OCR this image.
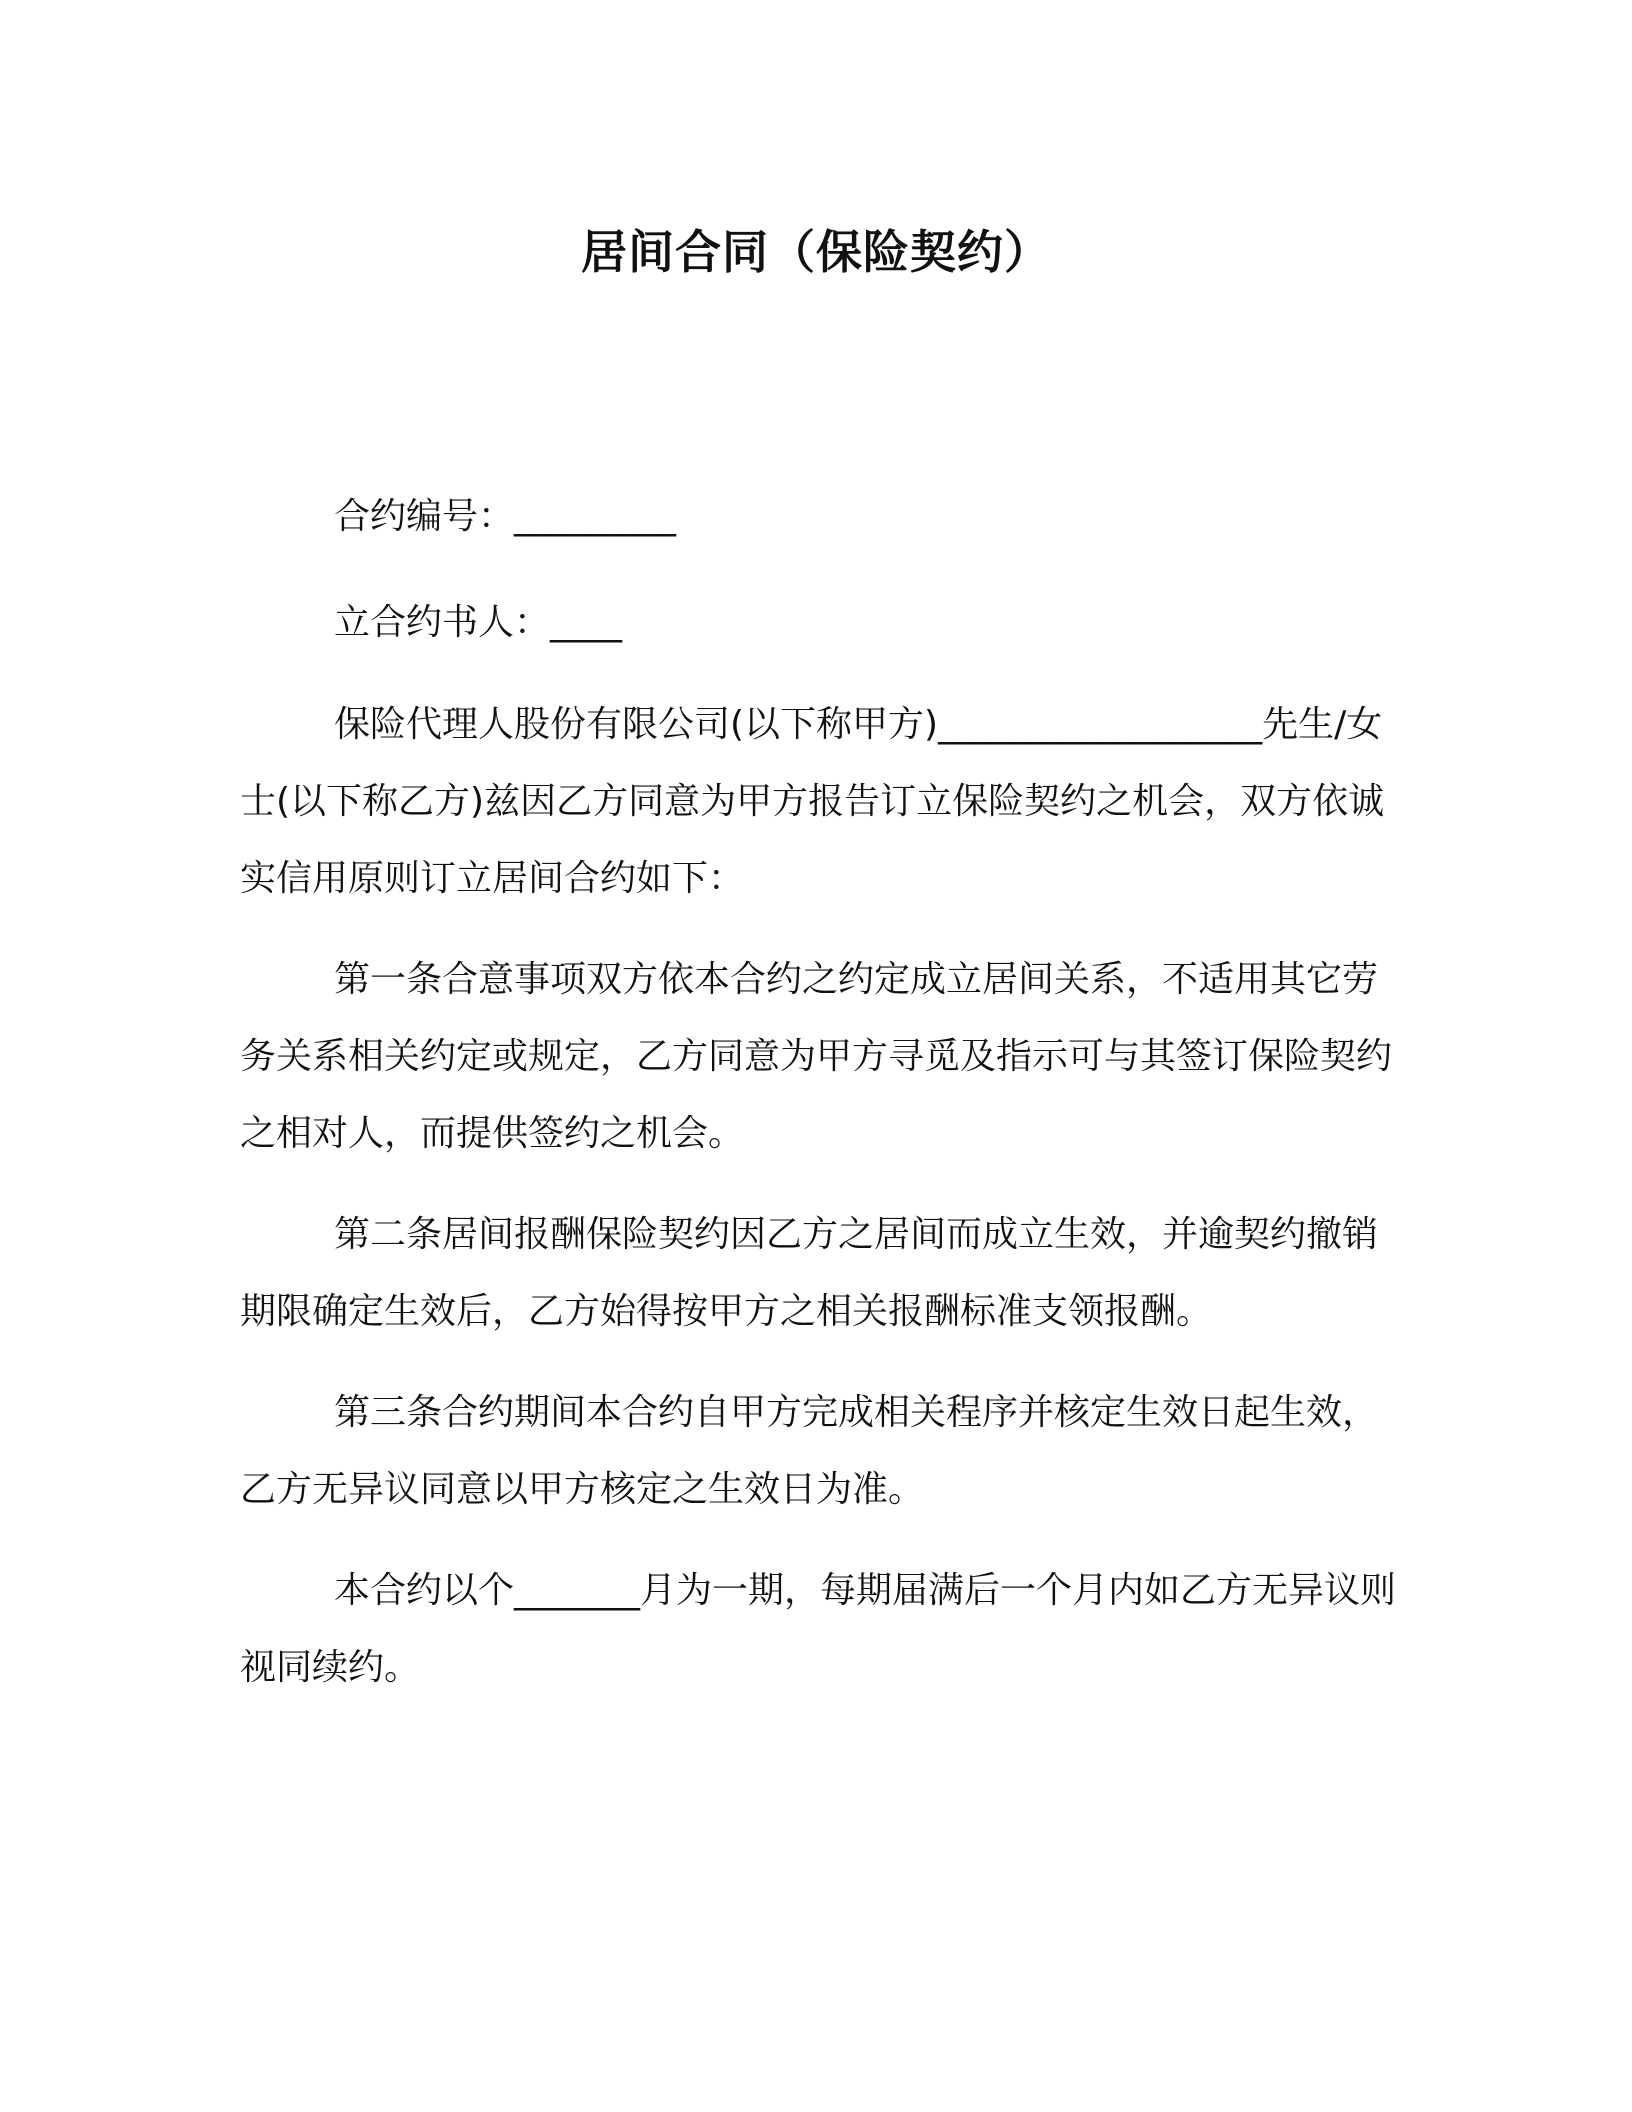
居间合同（保险契约）
合约编号：_________
立合约书人：____

保险代理人股份有限公司(以下称甲方)__________________先生/女士(以下称乙方)兹因乙方同意为甲方报告订立保险契约之机会，双方依诚实信用原则订立居间合约如下：

第一条合意事项双方依本合约之约定成立居间关系，不适用其它劳务关系相关约定或规定，乙方同意为甲方寻觅及指示可与其签订保险契约之相对人，而提供签约之机会。

第二条居间报酬保险契约因乙方之居间而成立生效，并逾契约撤销期限确定生效后，乙方始得按甲方之相关报酬标准支领报酬。

第三条合约期间本合约自甲方完成相关程序并核定生效日起生效，乙方无异议同意以甲方核定之生效日为准。

本合约以个_______月为一期，每期届满后一个月内如乙方无异议则视同续约。
